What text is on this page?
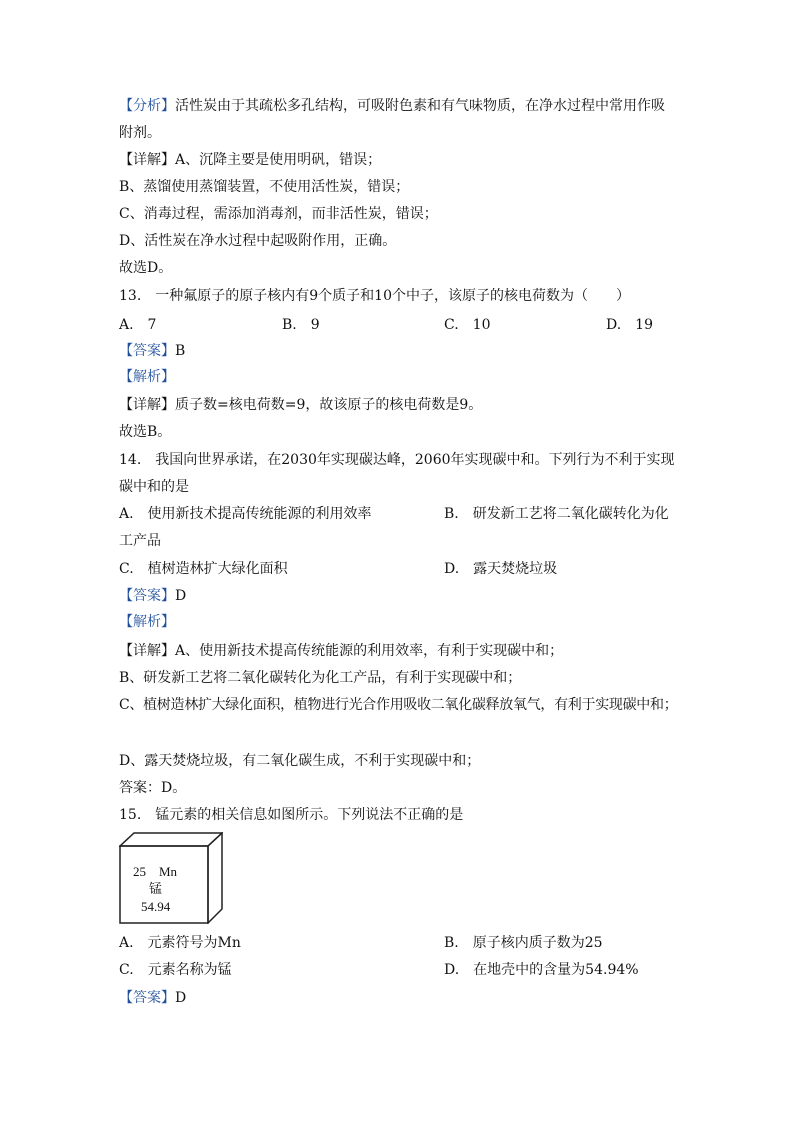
【分析】活性炭由于其疏松多孔结构，可吸附色素和有气味物质，在净水过程中常用作吸
附剂。
【详解】A、沉降主要是使用明矾，错误；
B、蒸馏使用蒸馏装置，不使用活性炭，错误；
C、消毒过程，需添加消毒剂，而非活性炭，错误；
D、活性炭在净水过程中起吸附作用，正确。
故选D。
13.　一种氟原子的原子核内有9个质子和10个中子，该原子的核电荷数为（　　）
A.　7	B.　9	C.　10	D.　19
【答案】B
【解析】
【详解】质子数=核电荷数=9，故该原子的核电荷数是9。
故选B。
14.　我国向世界承诺，在2030年实现碳达峰，2060年实现碳中和。下列行为不利于实现
碳中和的是
A.　使用新技术提高传统能源的利用效率	B.　研发新工艺将二氧化碳转化为化
工产品
C.　植树造林扩大绿化面积	D.　露天焚烧垃圾
【答案】D
【解析】
【详解】A、使用新技术提高传统能源的利用效率，有利于实现碳中和；
B、研发新工艺将二氧化碳转化为化工产品，有利于实现碳中和；
C、植树造林扩大绿化面积，植物进行光合作用吸收二氧化碳释放氧气，有利于实现碳中和；
D、露天焚烧垃圾，有二氧化碳生成，不利于实现碳中和；
答案：D。
15.　锰元素的相关信息如图所示。下列说法不正确的是
25 Mn
锰
54.94
A.　元素符号为Mn	B.　原子核内质子数为25
C.　元素名称为锰	D.　在地壳中的含量为54.94%
【答案】D
